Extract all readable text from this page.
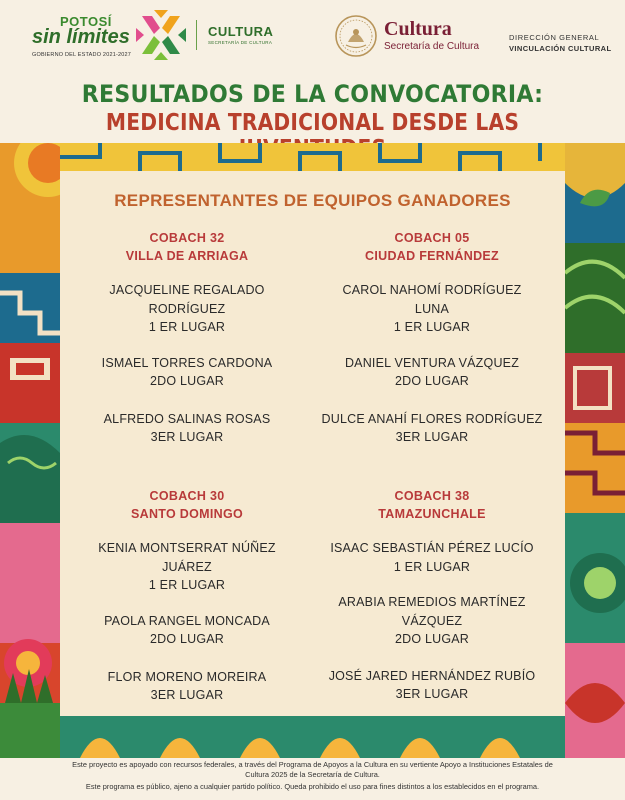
POTOSÍ
sin límites
GOBIERNO DEL ESTADO 2021-2027
CULTURA
SECRETARÍA DE CULTURA
Cultura
Secretaría de Cultura
DIRECCIÓN GENERAL
VINCULACIÓN CULTURAL
RESULTADOS DE LA CONVOCATORIA:
MEDICINA TRADICIONAL DESDE LAS
REPRESENTANTES DE EQUIPOS GANADORES
COBACH 32
VILLA DE ARRIAGA
JACQUELINE REGALADO
RODRÍGUEZ
1 ER LUGAR
ISMAEL TORRES CARDONA
2DO LUGAR
ALFREDO SALINAS ROSAS
3ER LUGAR
COBACH 05
CIUDAD FERNÁNDEZ
CAROL NAHOMÍ RODRÍGUEZ
LUNA
1 ER LUGAR
DANIEL VENTURA VÁZQUEZ
2DO LUGAR
DULCE ANAHÍ FLORES RODRÍGUEZ
3ER LUGAR
COBACH 30
SANTO DOMINGO
KENIA MONTSERRAT NÚÑEZ
JUÁREZ
1 ER LUGAR
PAOLA RANGEL MONCADA
2DO LUGAR
FLOR MORENO MOREIRA
3ER LUGAR
COBACH 38
TAMAZUNCHALE
ISAAC SEBASTIÁN PÉREZ LUCÍO
1 ER LUGAR
ARABIA REMEDIOS MARTÍNEZ
VÁZQUEZ
2DO LUGAR
JOSÉ JARED HERNÁNDEZ RUBÍO
3ER LUGAR

Este proyecto es apoyado con recursos federales, a través del Programa de Apoyos a la Cultura en su vertiente Apoyo a Instituciones Estatales de

Cultura 2025 de la Secretaría de Cultura.

Este programa es público, ajeno a cualquier partido político. Queda prohibido el uso para fines distintos a los establecidos en el programa.
